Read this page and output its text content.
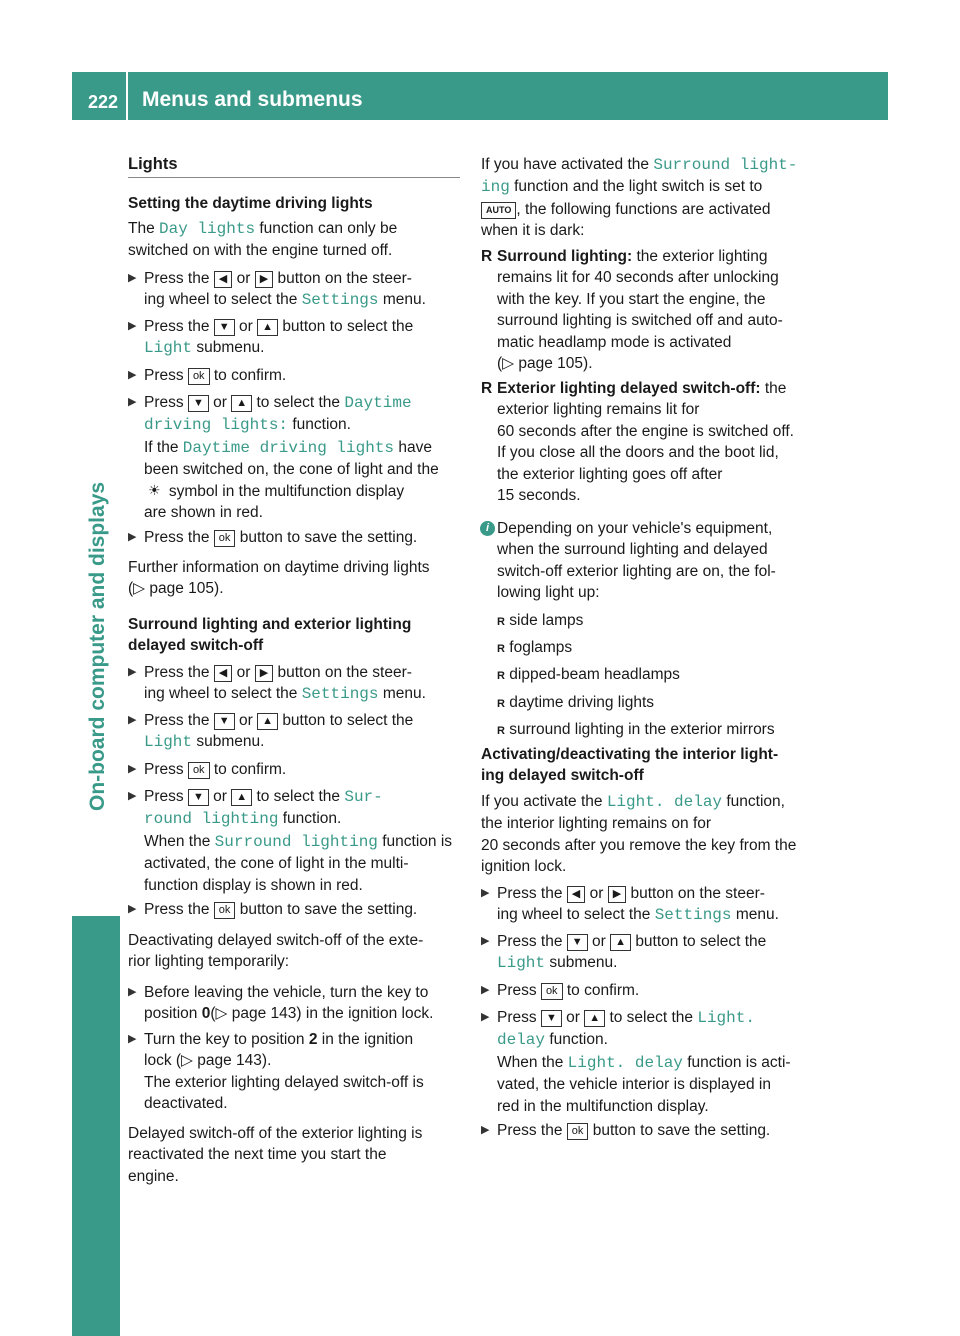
222 Menus and submenus
On-board computer and displays
Lights
Setting the daytime driving lights
The Day lights function can only be
switched on with the engine turned off.
▶ Press the ◀ or ▶ button on the steer-
ing wheel to select the Settings menu.
▶ Press the ▼ or ▲ button to select the
Light submenu.
▶ Press ok to confirm.
▶ Press ▼ or ▲ to select the Daytime
driving lights: function.
If the Daytime driving lights have
been switched on, the cone of light and the
☀ symbol in the multifunction display
are shown in red.
▶ Press the ok button to save the setting.
Further information on daytime driving lights
(▷ page 105).
Surround lighting and exterior lighting
delayed switch-off
▶ Press the ◀ or ▶ button on the steer-
ing wheel to select the Settings menu.
▶ Press the ▼ or ▲ button to select the
Light submenu.
▶ Press ok to confirm.
▶ Press ▼ or ▲ to select the Sur‐
round lighting function.
When the Surround lighting function is
activated, the cone of light in the multi-
function display is shown in red.
▶ Press the ok button to save the setting.
Deactivating delayed switch-off of the exte-
rior lighting temporarily:
▶ Before leaving the vehicle, turn the key to
position 0(▷ page 143) in the ignition lock.
▶ Turn the key to position 2 in the ignition
lock (▷ page 143).
The exterior lighting delayed switch-off is
deactivated.
Delayed switch-off of the exterior lighting is
reactivated the next time you start the
engine.
If you have activated the Surround light‐
ing function and the light switch is set to
AUTO , the following functions are activated
when it is dark:
R Surround lighting: the exterior lighting
remains lit for 40 seconds after unlocking
with the key. If you start the engine, the
surround lighting is switched off and auto-
matic headlamp mode is activated
(▷ page 105).
R Exterior lighting delayed switch-off: the
exterior lighting remains lit for
60 seconds after the engine is switched off.
If you close all the doors and the boot lid,
the exterior lighting goes off after
15 seconds.
i Depending on your vehicle's equipment,
when the surround lighting and delayed
switch-off exterior lighting are on, the fol-
lowing light up:
R side lamps
R foglamps
R dipped-beam headlamps
R daytime driving lights
R surround lighting in the exterior mirrors
Activating/deactivating the interior light-
ing delayed switch-off
If you activate the Light. delay function,
the interior lighting remains on for
20 seconds after you remove the key from the
ignition lock.
▶ Press the ◀ or ▶ button on the steer-
ing wheel to select the Settings menu.
▶ Press the ▼ or ▲ button to select the
Light submenu.
▶ Press ok to confirm.
▶ Press ▼ or ▲ to select the Light.
delay function.
When the Light. delay function is acti-
vated, the vehicle interior is displayed in
red in the multifunction display.
▶ Press the ok button to save the setting.
